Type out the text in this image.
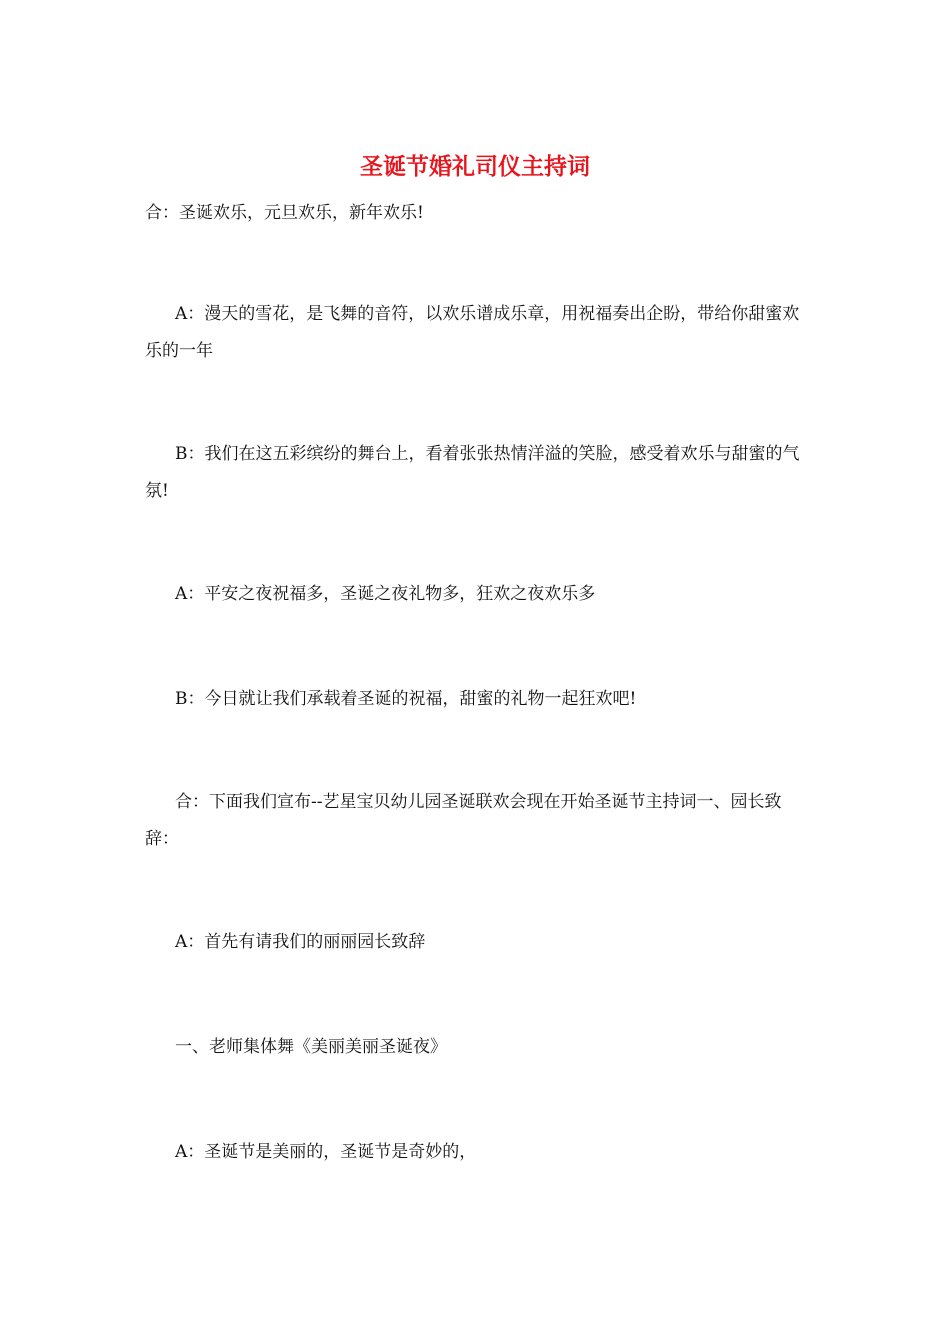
圣诞节婚礼司仪主持词

合：圣诞欢乐，元旦欢乐，新年欢乐!

A：漫天的雪花，是飞舞的音符，以欢乐谱成乐章，用祝福奏出企盼，带给你甜蜜欢乐的一年

B：我们在这五彩缤纷的舞台上，看着张张热情洋溢的笑脸，感受着欢乐与甜蜜的气氛!

A：平安之夜祝福多，圣诞之夜礼物多，狂欢之夜欢乐多

B：今日就让我们承载着圣诞的祝福，甜蜜的礼物一起狂欢吧!

合：下面我们宣布--艺星宝贝幼儿园圣诞联欢会现在开始圣诞节主持词一、园长致辞：

A：首先有请我们的丽丽园长致辞

一、老师集体舞《美丽美丽圣诞夜》

A：圣诞节是美丽的，圣诞节是奇妙的，
